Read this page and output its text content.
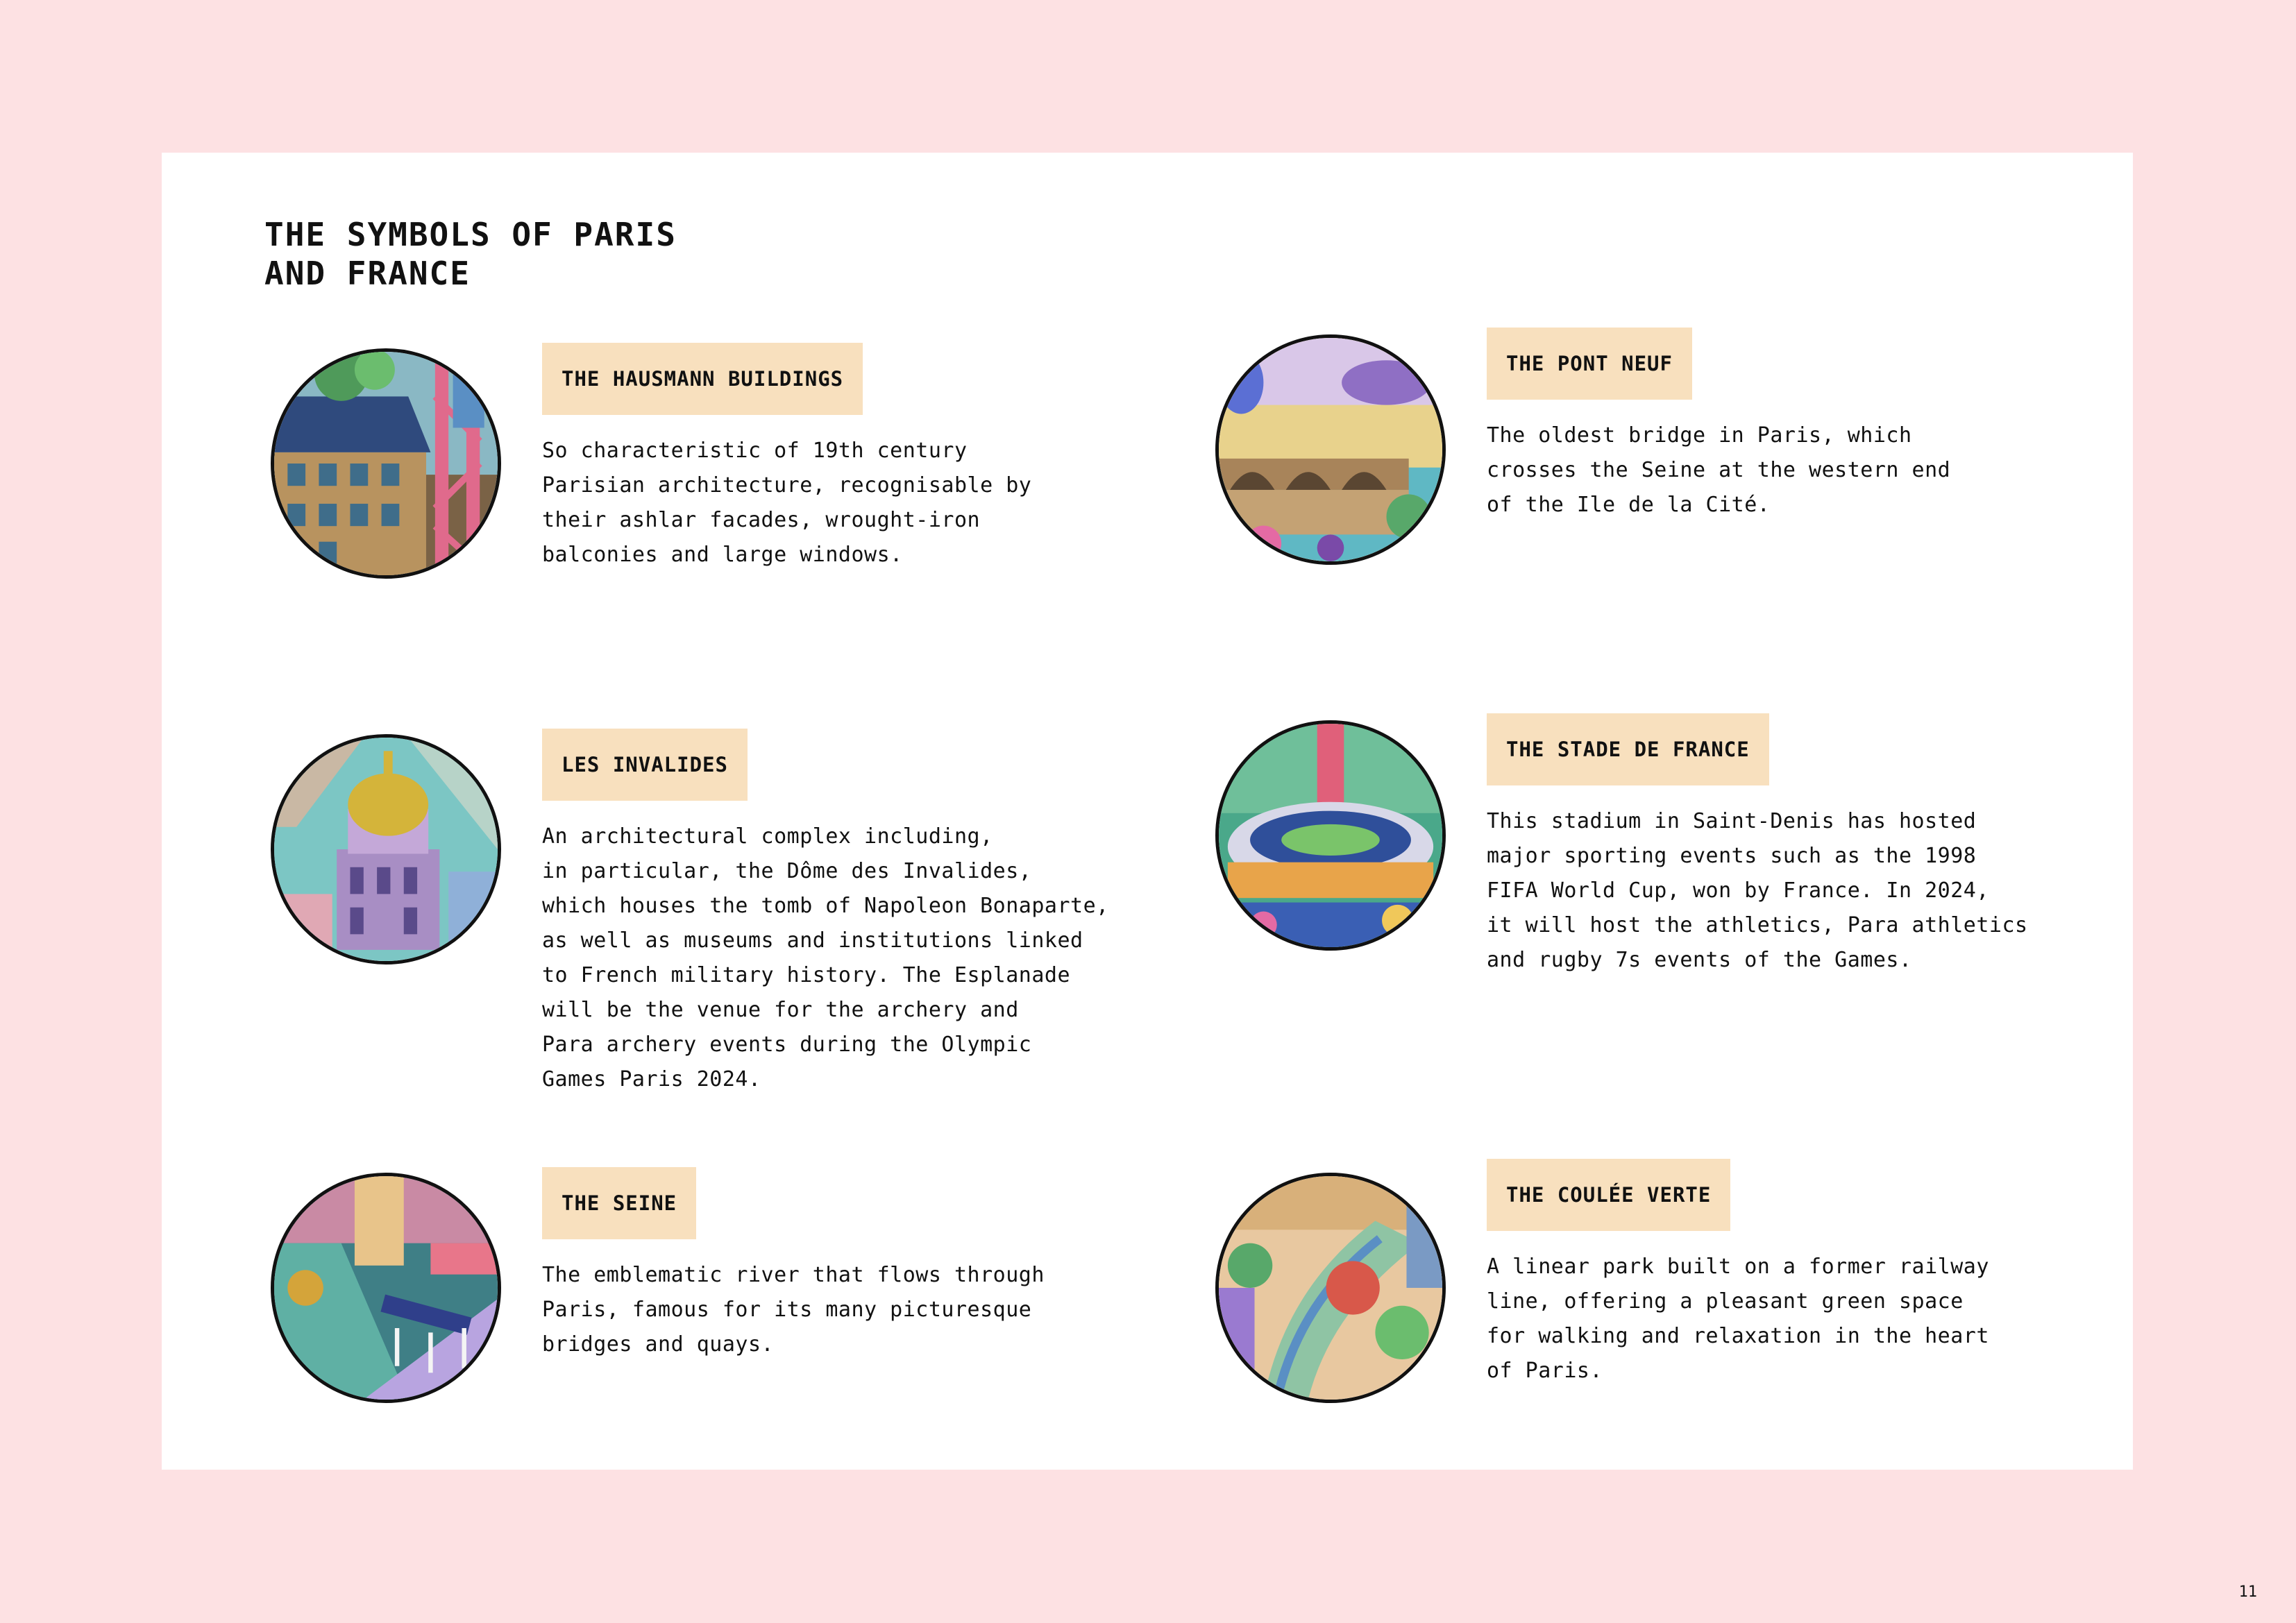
THE SYMBOLS OF PARIS
AND FRANCE
THE HAUSMANN BUILDINGS

So characteristic of 19th century
Parisian architecture, recognisable by
their ashlar facades, wrought-iron
balconies and large windows.

THE PONT NEUF

The oldest bridge in Paris, which
crosses the Seine at the western end
of the Ile de la Cité.

LES INVALIDES

An architectural complex including,
in particular, the Dôme des Invalides,
which houses the tomb of Napoleon Bonaparte,
as well as museums and institutions linked
to French military history. The Esplanade
will be the venue for the archery and
Para archery events during the Olympic
Games Paris 2024.

THE STADE DE FRANCE

This stadium in Saint-Denis has hosted
major sporting events such as the 1998
FIFA World Cup, won by France. In 2024,
it will host the athletics, Para athletics
and rugby 7s events of the Games.

THE SEINE

The emblematic river that flows through
Paris, famous for its many picturesque
bridges and quays.

THE COULÉE VERTE

A linear park built on a former railway
line, offering a pleasant green space
for walking and relaxation in the heart
of Paris.

11
